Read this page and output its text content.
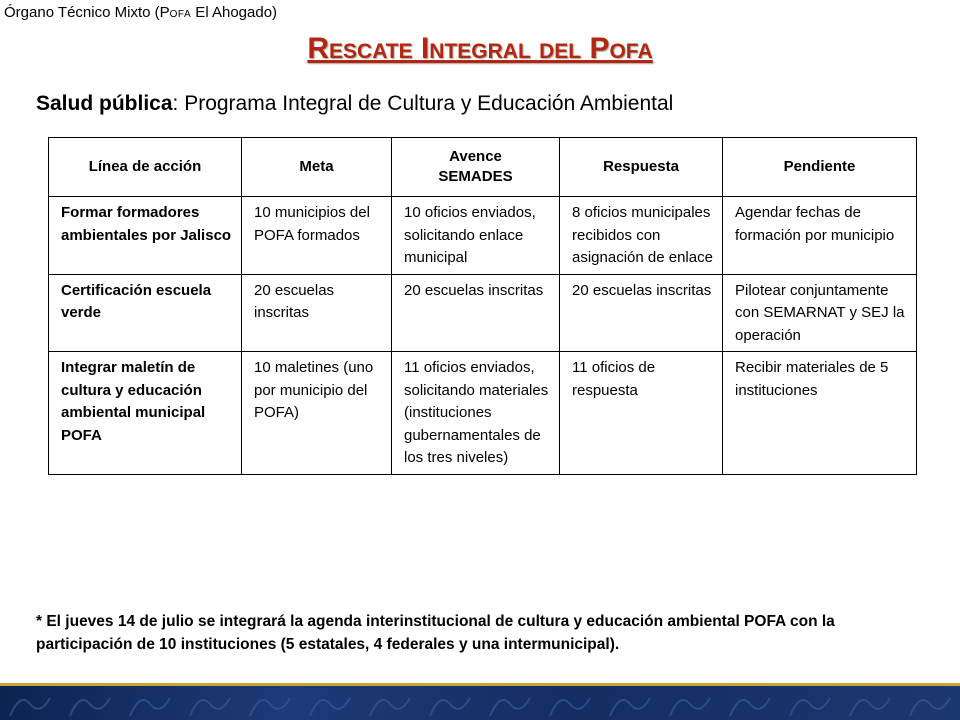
Órgano Técnico Mixto (POFA El Ahogado)
Rescate Integral del Pofa
Salud pública: Programa Integral de Cultura y Educación Ambiental
Línea de acción	Meta	Avence SEMADES	Respuesta	Pendiente
Formar formadores ambientales por Jalisco	10 municipios del POFA formados	10 oficios enviados, solicitando enlace municipal	8 oficios municipales recibidos con asignación de enlace	Agendar fechas de formación por municipio
Certificación escuela verde	20 escuelas inscritas	20 escuelas inscritas	20 escuelas inscritas	Pilotear conjuntamente con SEMARNAT y SEJ la operación
Integrar maletín de cultura y educación ambiental municipal POFA	10 maletines (uno por municipio del POFA)	11 oficios enviados, solicitando materiales (instituciones gubernamentales de los tres niveles)	11 oficios de respuesta	Recibir materiales de 5 instituciones
* El jueves 14 de julio se integrará la agenda interinstitucional de cultura y educación ambiental POFA con la participación de 10 instituciones (5 estatales, 4 federales y una intermunicipal).
